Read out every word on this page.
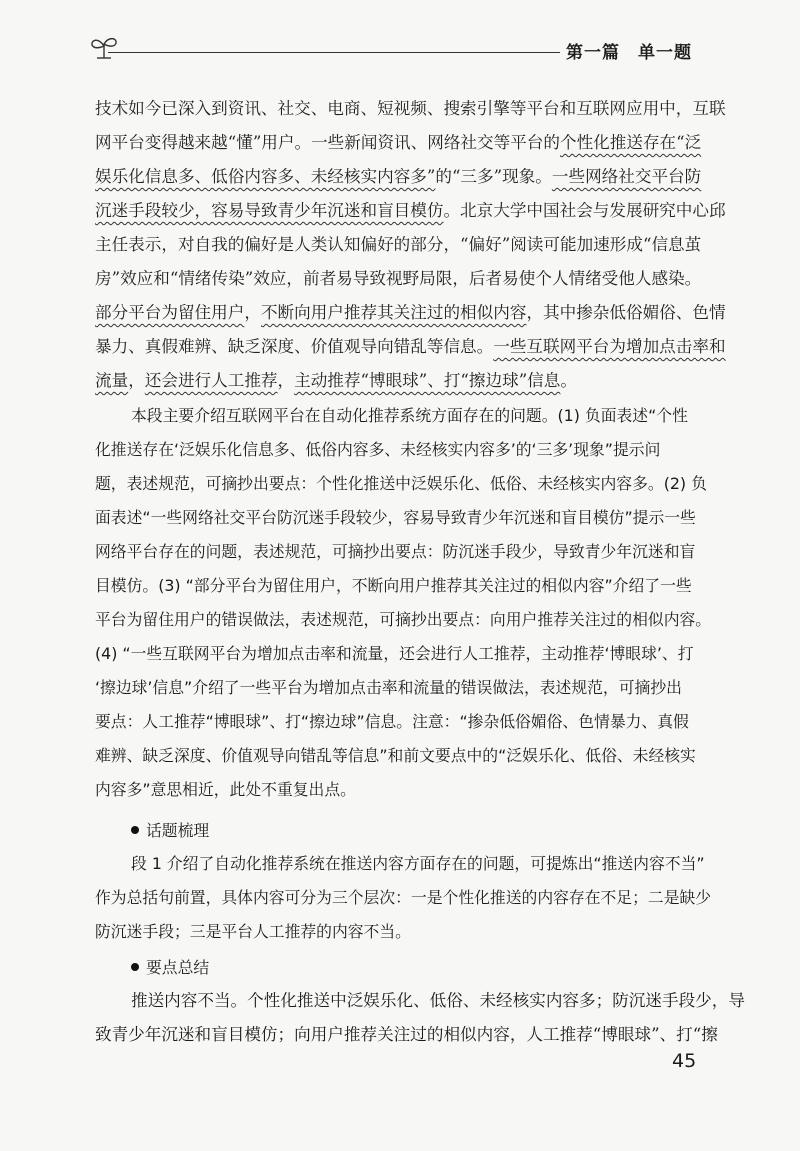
第一篇 单一题
技术如今已深入到资讯、社交、电商、短视频、搜索引擎等平台和互联网应用中，互联
网平台变得越来越“懂”用户。一些新闻资讯、网络社交等平台的个性化推送存在“泛
娱乐化信息多、低俗内容多、未经核实内容多”的“三多”现象。一些网络社交平台防
沉迷手段较少，容易导致青少年沉迷和盲目模仿。北京大学中国社会与发展研究中心邱
主任表示，对自我的偏好是人类认知偏好的部分，“偏好”阅读可能加速形成“信息茧
房”效应和“情绪传染”效应，前者易导致视野局限，后者易使个人情绪受他人感染。
部分平台为留住用户，不断向用户推荐其关注过的相似内容，其中掺杂低俗媚俗、色情
暴力、真假难辨、缺乏深度、价值观导向错乱等信息。一些互联网平台为增加点击率和
流量，还会进行人工推荐，主动推荐“博眼球”、打“擦边球”信息。
本段主要介绍互联网平台在自动化推荐系统方面存在的问题。(1) 负面表述“个性
化推送存在‘泛娱乐化信息多、低俗内容多、未经核实内容多’的‘三多’现象”提示问
题，表述规范，可摘抄出要点：个性化推送中泛娱乐化、低俗、未经核实内容多。(2) 负
面表述“一些网络社交平台防沉迷手段较少，容易导致青少年沉迷和盲目模仿”提示一些
网络平台存在的问题，表述规范，可摘抄出要点：防沉迷手段少，导致青少年沉迷和盲
目模仿。(3) “部分平台为留住用户，不断向用户推荐其关注过的相似内容”介绍了一些
平台为留住用户的错误做法，表述规范，可摘抄出要点：向用户推荐关注过的相似内容。
(4) “一些互联网平台为增加点击率和流量，还会进行人工推荐，主动推荐‘博眼球’、打
‘擦边球’信息”介绍了一些平台为增加点击率和流量的错误做法，表述规范，可摘抄出
要点：人工推荐“博眼球”、打“擦边球”信息。注意：“掺杂低俗媚俗、色情暴力、真假
难辨、缺乏深度、价值观导向错乱等信息”和前文要点中的“泛娱乐化、低俗、未经核实
内容多”意思相近，此处不重复出点。
话题梳理
段 1 介绍了自动化推荐系统在推送内容方面存在的问题，可提炼出“推送内容不当”
作为总括句前置，具体内容可分为三个层次：一是个性化推送的内容存在不足；二是缺少
防沉迷手段；三是平台人工推荐的内容不当。
要点总结
推送内容不当。个性化推送中泛娱乐化、低俗、未经核实内容多；防沉迷手段少，导
致青少年沉迷和盲目模仿；向用户推荐关注过的相似内容，人工推荐“博眼球”、打“擦
45
